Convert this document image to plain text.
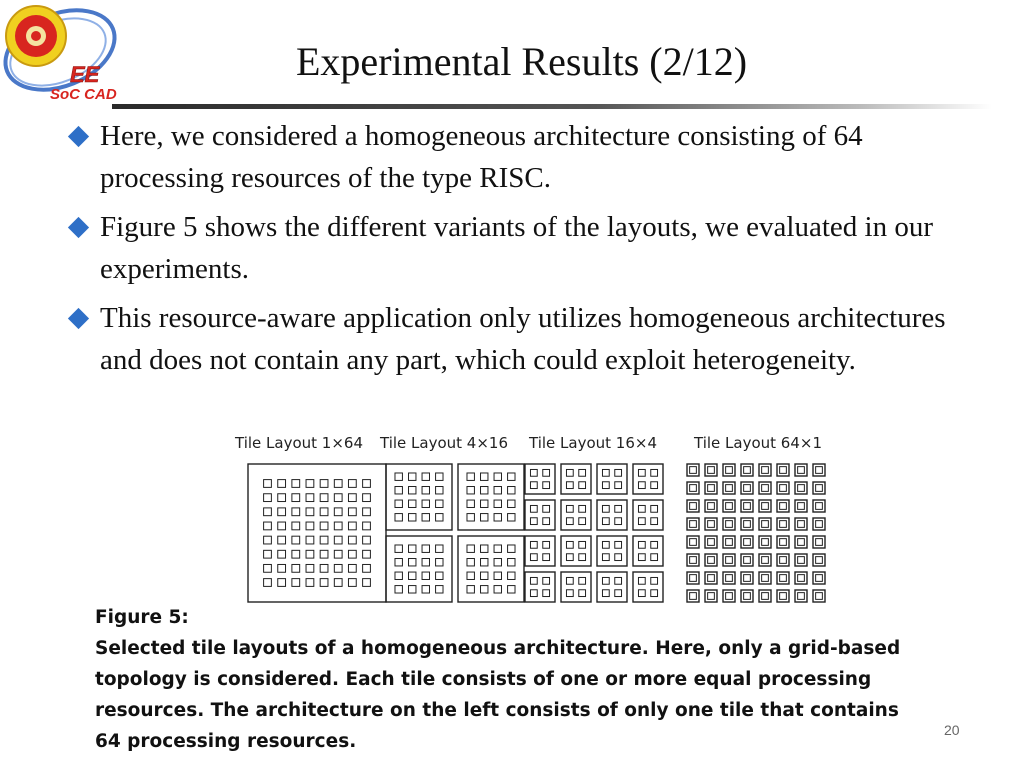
EE
SoC CAD
Experimental Results (2/12)
Here, we considered a homogeneous architecture consisting of 64 processing resources of the type RISC.
Figure 5 shows the different variants of the layouts, we evaluated in our experiments.
This resource-aware application only utilizes homogeneous architectures and does not contain any part, which could exploit heterogeneity.
Tile Layout 1×64 Tile Layout 4×16 Tile Layout 16×4 Tile Layout 64×1
Figure 5:
Selected tile layouts of a homogeneous architecture. Here, only a grid-based
topology is considered. Each tile consists of one or more equal processing
resources. The architecture on the left consists of only one tile that contains
64 processing resources.
20
